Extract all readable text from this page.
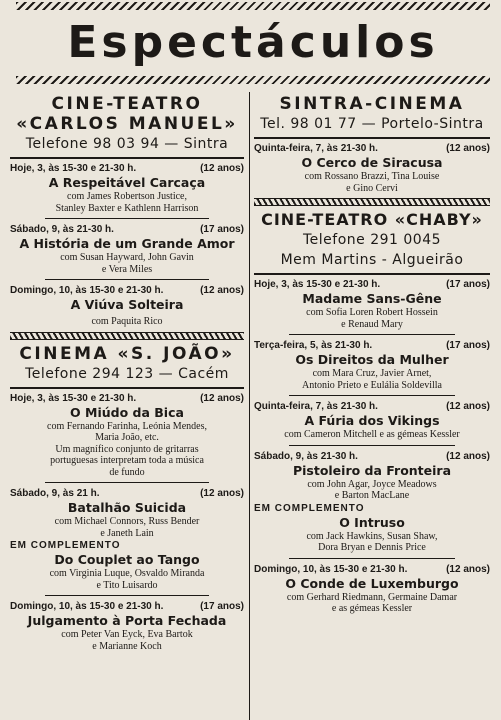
Espectáculos
CINE-TEATRO
«CARLOS MANUEL»
Telefone 98 03 94 — Sintra
Hoje, 3, às 15-30 e 21-30 h.	(12 anos)
A Respeitável Carcaça
com James Robertson Justice,
Stanley Baxter e Kathlenn Harrison
Sábado, 9, às 21-30 h.	(17 anos)
A História de um Grande Amor
com Susan Hayward, John Gavin
e Vera Miles
Domingo, 10, às 15-30 e 21-30 h.	(12 anos)
A Viúva Solteira
com Paquita Rico
CINEMA «S. JOÃO»
Telefone 294 123 — Cacém
Hoje, 3, às 15-30 e 21-30 h.	(12 anos)
O Miúdo da Bica
com Fernando Farinha, Leónia Mendes,
Maria João, etc.
Um magnífico conjunto de gritarras
portuguesas interpretam toda a música
de fundo
Sábado, 9, às 21 h.	(12 anos)
Batalhão Suicida
com Michael Connors, Russ Bender
e Janeth Lain
EM COMPLEMENTO
Do Couplet ao Tango
com Virginia Luque, Osvaldo Miranda
e Tito Luisardo
Domingo, 10, às 15-30 e 21-30 h.	(17 anos)
Julgamento à Porta Fechada
com Peter Van Eyck, Eva Bartok
e Marianne Koch
SINTRA-CINEMA
Tel. 98 01 77 — Portelo-Sintra
Quinta-feira, 7, às 21-30 h.	(12 anos)
O Cerco de Siracusa
com Rossano Brazzi, Tina Louise
e Gino Cervi
CINE-TEATRO «CHABY»
Telefone 291 0045
Mem Martins - Algueirão
Hoje, 3, às 15-30 e 21-30 h.	(17 anos)
Madame Sans-Gêne
com Sofia Loren Robert Hossein
e Renaud Mary
Terça-feira, 5, às 21-30 h.	(17 anos)
Os Direitos da Mulher
com Mara Cruz, Javier Arnet,
Antonio Prieto e Eulália Soldevilla
Quinta-feira, 7, às 21-30 h.	(12 anos)
A Fúria dos Vikings
com Cameron Mitchell e as gémeas Kessler
Sábado, 9, às 21-30 h.	(12 anos)
Pistoleiro da Fronteira
com John Agar, Joyce Meadows
e Barton MacLane
EM COMPLEMENTO
O Intruso
com Jack Hawkins, Susan Shaw,
Dora Bryan e Dennis Price
Domingo, 10, às 15-30 e 21-30 h.	(12 anos)
O Conde de Luxemburgo
com Gerhard Riedmann, Germaine Damar
e as gémeas Kessler
